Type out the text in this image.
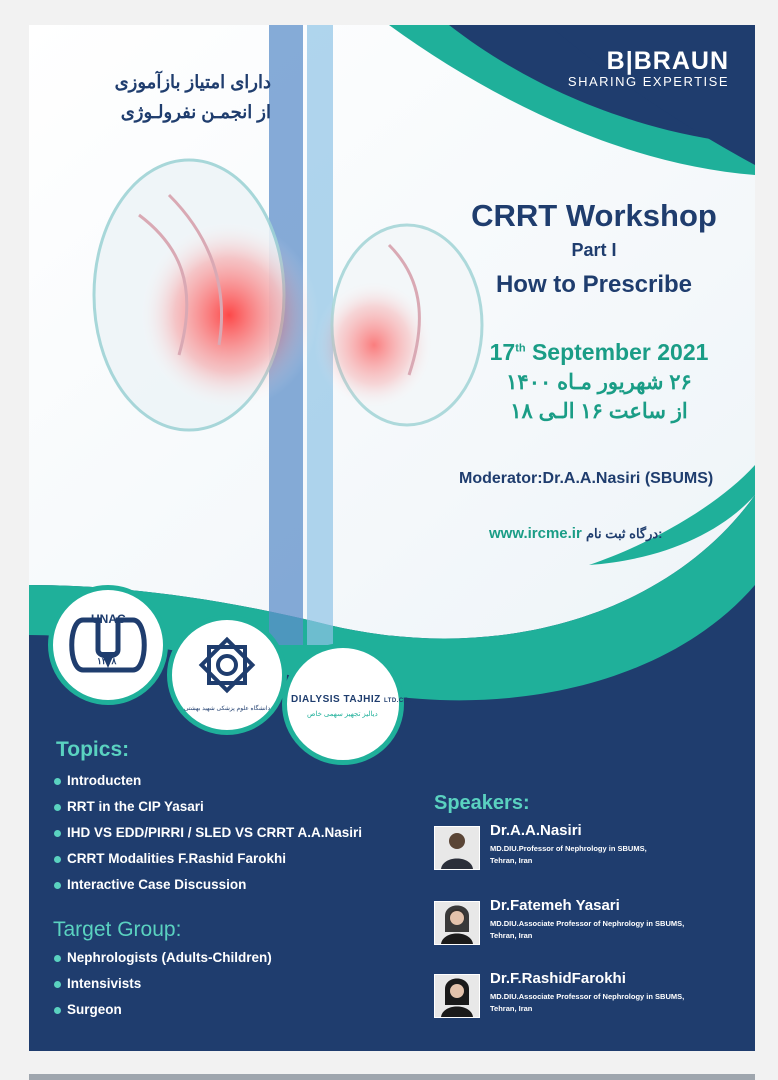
دارای امتیاز بازآموزی
از انجمـن نفرولـوژی
B|BRAUN
SHARING EXPERTISE
CRRT Workshop
Part I
How to Prescribe
17th September 2021
۲۶ شهریور مـاه ۱۴۰۰
از ساعت ۱۶ الـی ۱۸
Moderator:Dr.A.A.Nasiri (SBUMS)
www.ircme.ir درگاه ثبت نام:
UNAC
۱۳۷۸
دانشگاه علوم پزشکی شهید بهشتی
DIALYSIS TAJHIZ LTD.CO.
دیالیز تجهیز سهمی خاص
Topics:
Introducten
RRT in the CIP Yasari
IHD VS EDD/PIRRI / SLED VS CRRT A.A.Nasiri
CRRT Modalities F.Rashid Farokhi
Interactive Case Discussion
Target Group:
Nephrologists (Adults-Children)
Intensivists
Surgeon
Speakers:
Dr.A.A.Nasiri
MD.DIU.Professor of Nephrology in SBUMS,
Tehran, Iran
Dr.Fatemeh Yasari
MD.DIU.Associate Professor of Nephrology in SBUMS,
Tehran, Iran
Dr.F.RashidFarokhi
MD.DIU.Associate Professor of Nephrology in SBUMS,
Tehran, Iran
